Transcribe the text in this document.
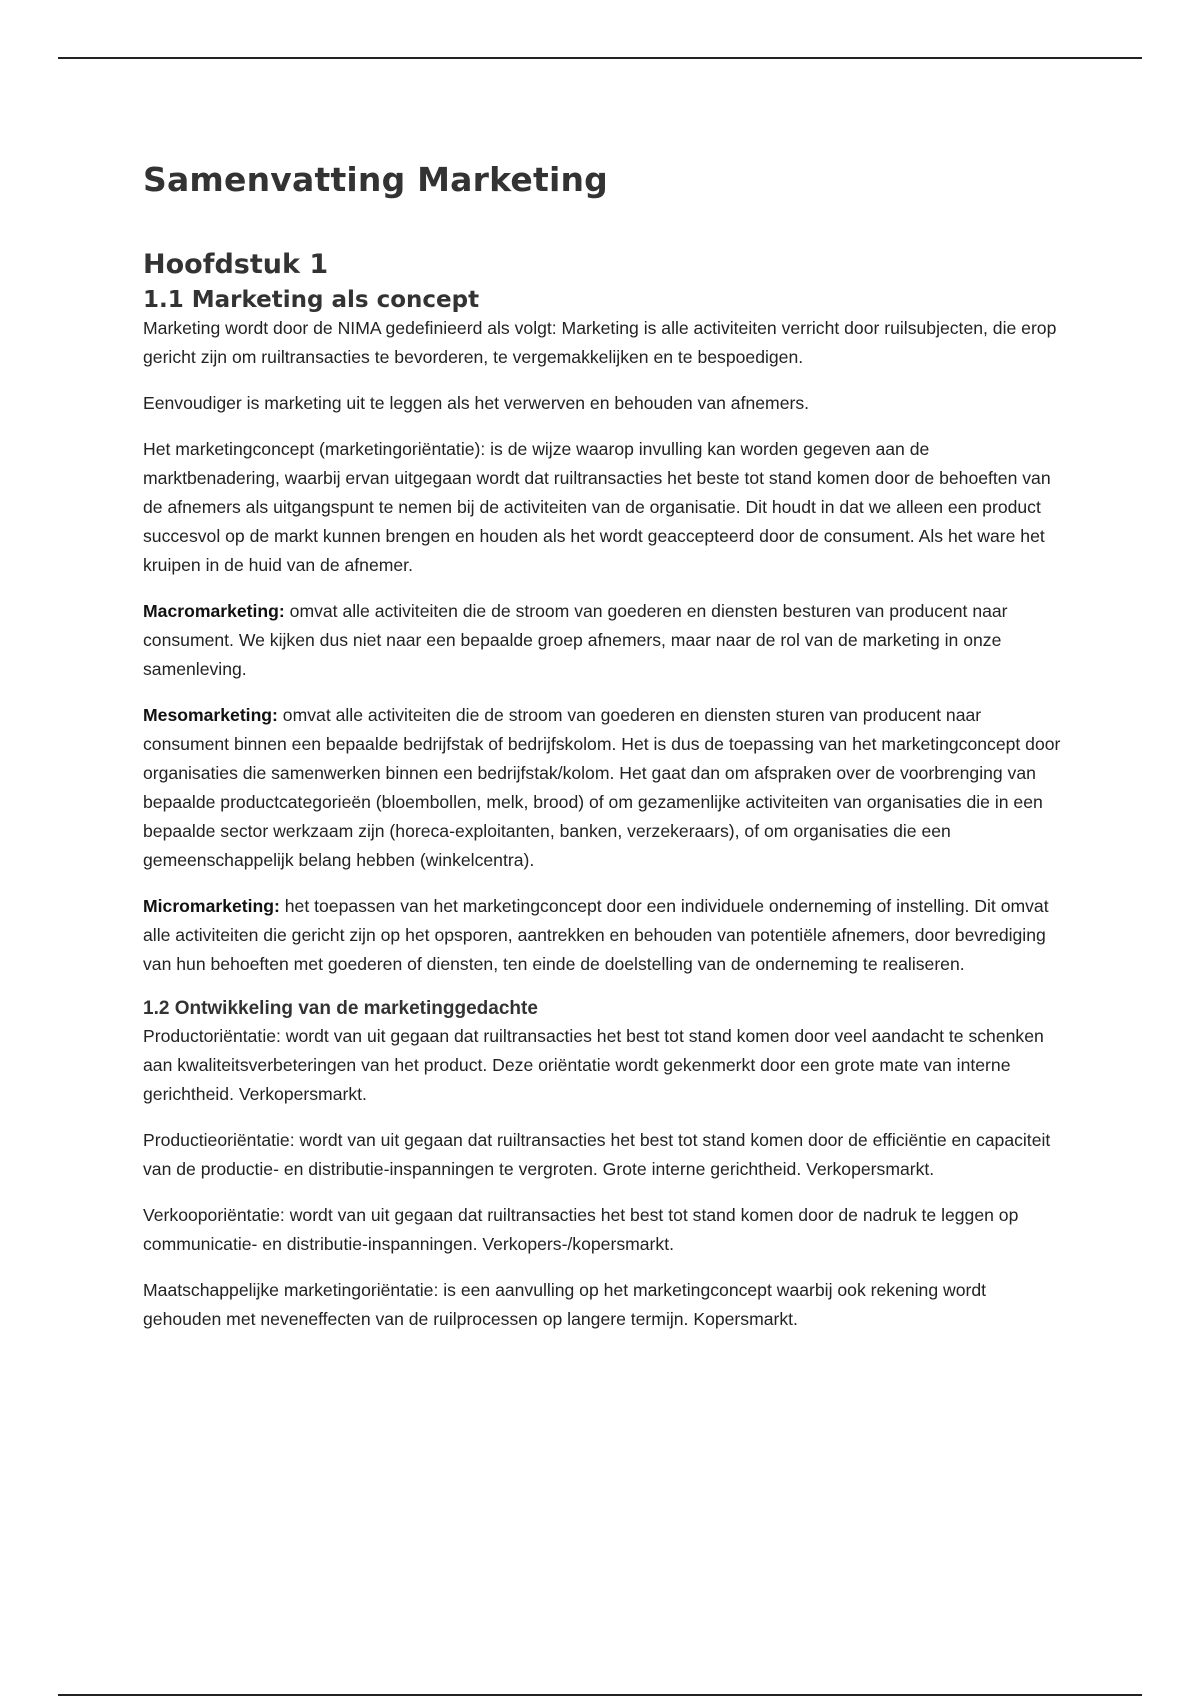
Samenvatting Marketing
Hoofdstuk 1
1.1 Marketing als concept

Marketing wordt door de NIMA gedefinieerd als volgt: Marketing is alle activiteiten verricht door ruilsubjecten, die erop gericht zijn om ruiltransacties te bevorderen, te vergemakkelijken en te bespoedigen.

Eenvoudiger is marketing uit te leggen als het verwerven en behouden van afnemers.

Het marketingconcept (marketingoriëntatie): is de wijze waarop invulling kan worden gegeven aan de marktbenadering, waarbij ervan uitgegaan wordt dat ruiltransacties het beste tot stand komen door de behoeften van de afnemers als uitgangspunt te nemen bij de activiteiten van de organisatie. Dit houdt in dat we alleen een product succesvol op de markt kunnen brengen en houden als het wordt geaccepteerd door de consument. Als het ware het kruipen in de huid van de afnemer.

Macromarketing: omvat alle activiteiten die de stroom van goederen en diensten besturen van producent naar consument. We kijken dus niet naar een bepaalde groep afnemers, maar naar de rol van de marketing in onze samenleving.

Mesomarketing: omvat alle activiteiten die de stroom van goederen en diensten sturen van producent naar consument binnen een bepaalde bedrijfstak of bedrijfskolom. Het is dus de toepassing van het marketingconcept door organisaties die samenwerken binnen een bedrijfstak/kolom. Het gaat dan om afspraken over de voorbrenging van bepaalde productcategorieën (bloembollen, melk, brood) of om gezamenlijke activiteiten van organisaties die in een bepaalde sector werkzaam zijn (horeca-exploitanten, banken, verzekeraars), of om organisaties die een gemeenschappelijk belang hebben (winkelcentra).

Micromarketing: het toepassen van het marketingconcept door een individuele onderneming of instelling. Dit omvat alle activiteiten die gericht zijn op het opsporen, aantrekken en behouden van potentiële afnemers, door bevrediging van hun behoeften met goederen of diensten, ten einde de doelstelling van de onderneming te realiseren.

1.2 Ontwikkeling van de marketinggedachte

Productoriëntatie: wordt van uit gegaan dat ruiltransacties het best tot stand komen door veel aandacht te schenken aan kwaliteitsverbeteringen van het product. Deze oriëntatie wordt gekenmerkt door een grote mate van interne gerichtheid. Verkopersmarkt.

Productieoriëntatie: wordt van uit gegaan dat ruiltransacties het best tot stand komen door de efficiëntie en capaciteit van de productie- en distributie-inspanningen te vergroten. Grote interne gerichtheid. Verkopersmarkt.

Verkooporiëntatie: wordt van uit gegaan dat ruiltransacties het best tot stand komen door de nadruk te leggen op communicatie- en distributie-inspanningen. Verkopers-/kopersmarkt.

Maatschappelijke marketingoriëntatie: is een aanvulling op het marketingconcept waarbij ook rekening wordt gehouden met neveneffecten van de ruilprocessen op langere termijn. Kopersmarkt.
